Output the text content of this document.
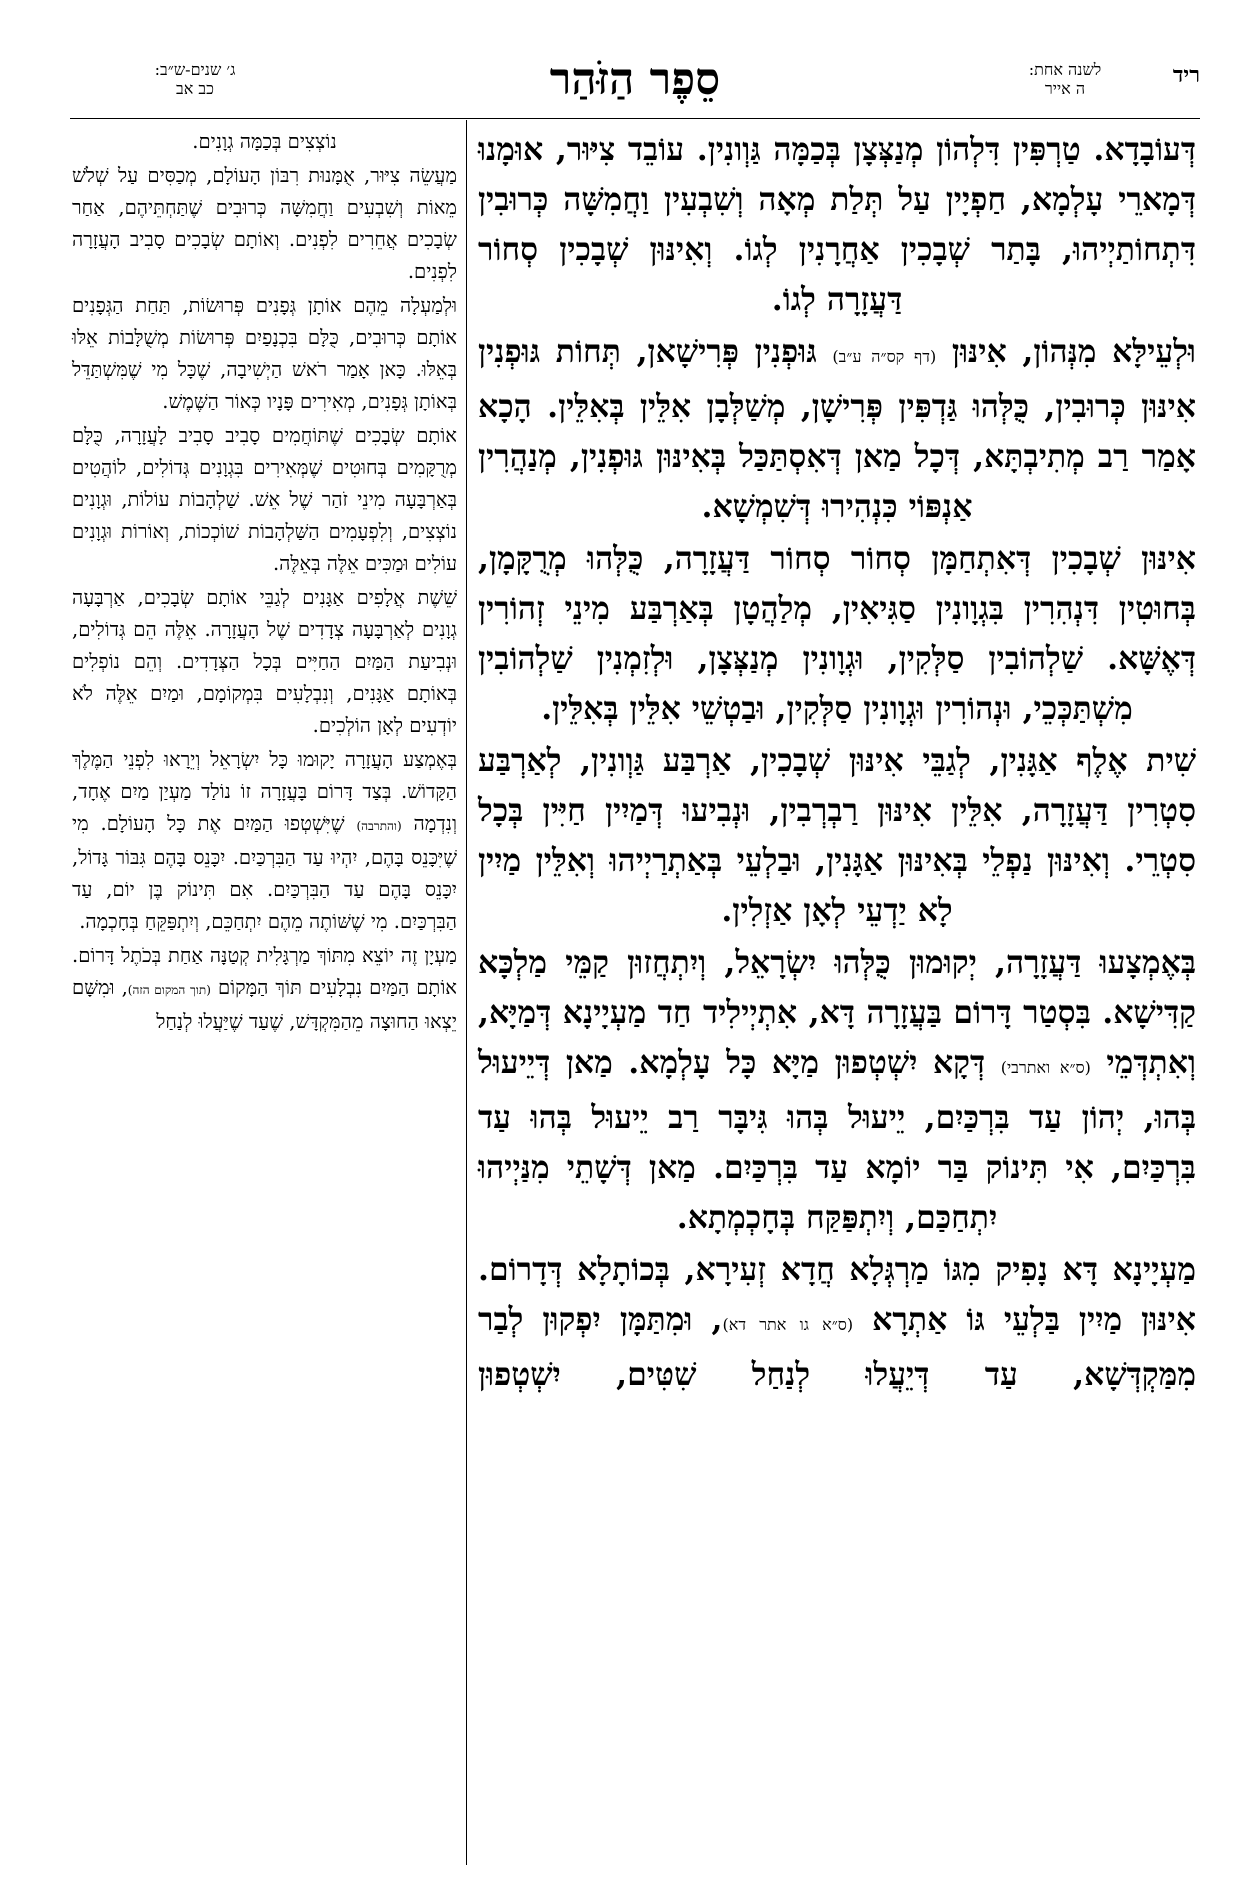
ג׳ שנים-ש״ב:
כב אב	סֵפֶר הַזֹּהַר	לשנה אחת:
ה אייר
ריד

דְּעוֹבָדָא. טַרְפִּין דִּלְהוֹן מְנַצְּצָן בְּכַמָּה גַּוְונִין. עוֹבֵד צִיּוּר, אוּמָנוּ דְּמָארֵי עָלְמָא, חַפְיָין עַל תְּלַת מְאָה וְשִׁבְעִין וַחֲמִשָּׁה כְּרוּבִין דִּתְחוֹתַיְיהוּ, בָּתַר שְׁבָכִין אַחֲרָנִין לְגוֹ. וְאִינּוּן שְׁבָכִין סְחוֹר דַּעֲזָרָה לְגוֹ.

וּלְעֵילָּא מִנְּהוֹן, אִינּוּן (דף קס״ה ע״ב) גּוּפְנִין פְּרִישָׁאן, תְּחוֹת גּוּפְנִין אִינּוּן כְּרוּבִין, כֻּלְּהוּ גַּדְפִּין פְּרִישָׁן, מְשַׁלְּבָן אִלֵּין בְּאִלֵּין. הָכָא אָמַר רַב מְתִיבְתָּא, דְּכָל מַאן דְּאִסְתַּכַּל בְּאִינּוּן גּוּפְנִין, מְנַהֲרִין אַנְפּוֹי כִּנְהִירוּ דְּשִׁמְשָׁא.

אִינּוּן שְׁבָכִין דְּאִתְחַמָּן סְחוֹר סְחוֹר דַּעֲזָרָה, כֻּלְּהוּ מְרֻקָּמָן, בְּחוּטִין דִּנְהִרִין בִּגְוָונִין סַגִּיאִין, מְלַהֲטָן בְּאַרְבַּע מִינֵי זְהוֹרִין דְּאֶשָּׁא. שַׁלְהוֹבִין סַלְּקִין, וּגְוָונִין מְנַצְּצָן, וּלְזִמְנִין שַׁלְהוֹבִין מִשְׁתַּכְּכֵי, וּנְהוֹרִין וּגְוָונִין סַלְּקִין, וּבַטְשֵׁי אִלֵּין בְּאִלֵּין.

שִׁית אֶלֶף אַגָּנִין, לְגַבֵּי אִינּוּן שְׁבָכִין, אַרְבַּע גַּוְונִין, לְאַרְבַּע סִטְרִין דַּעֲזָרָה, אִלֵּין אִינּוּן רַבְרְבִין, וּנְבִיעוּ דְּמַיִין חַיִּין בְּכָל סִטְרֵי. וְאִינּוּן נַפְלֵי בְּאִינּוּן אַגָּנִין, וּבַלְעֵי בְּאַתְרַיְיהוּ וְאִלֵּין מַיִין לָא יַדְעֵי לְאָן אַזְלִין.

בְּאֶמְצָעוּ דַּעֲזָרָה, יְקוּמוּן כֻּלְּהוּ יִשְׂרָאֵל, וְיִתְחֲזוּן קַמֵּי מַלְכָּא קַדִּישָׁא. בִּסְטַר דָּרוֹם בַּעֲזָרָה דָּא, אִתְיְילִיד חַד מַעְיָינָא דְּמַיָּא, וְאִתְדְּמֵי (ס״א ואתרבי) דְּקָא יִשְׁטְפוּן מַיָּא כָּל עָלְמָא. מַאן דְּיֵיעוּל בְּהוּ, יְהוֹן עַד בִּרְכַּיִם, יֵיעוּל בְּהוּ גִּיבָּר רַב יֵיעוּל בְּהוּ עַד בִּרְכַּיִם, אִי תִּינוֹק בַּר יוֹמָא עַד בִּרְכַּיִם. מַאן דְּשָׁתֵי מִנַּיְיהוּ יִתְחַכַּם, וְיִתְפַּקַּח בְּחָכְמְתָא.

מַעְיָינָא דָּא נָפִיק מִגּוֹ מַרְגְּלָא חֲדָא זְעִירָא, בְּכוֹתָלָא דְּדָרוֹם. אִינּוּן מַיִין בַּלְעֵי גּוֹ אַתְרָא (ס״א גו אתר דא), וּמִתַּמָּן יִפְקוּן לְבַר מִמַּקְדְּשָׁא, עַד דְּיֵעֲלוּ לְנַחַל שִׁטִּים, יִשְׁטְפוּן

נוֹצְצִים בְּכַמָּה גְוָנִים.

מַעֲשֵׂה צִיּוּר, אֻמָּנוּת רִבּוֹן הָעוֹלָם, מְכַסִּים עַל שְׁלֹשׁ מֵאוֹת וְשִׁבְעִים וַחֲמִשָּׁה כְּרוּבִים שֶׁתַּחְתֵּיהֶם, אַחַר שְׂבָכִים אֲחֵרִים לִפְנִים. וְאוֹתָם שְׂבָכִים סָבִיב הָעֲזָרָה לִפְנִים.

וּלְמַעְלָה מֵהֶם אוֹתָן גְּפָנִים פְּרוּשׂוֹת, תַּחַת הַגְּפָנִים אוֹתָם כְּרוּבִים, כֻּלָּם בִּכְנָפַיִם פְּרוּשׂוֹת מְשֻׁלָּבוֹת אֵלּוּ בְּאֵלּוּ. כָּאן אָמַר רֹאשׁ הַיְשִׁיבָה, שֶׁכָּל מִי שֶׁמִּשְׁתַּדֵּל בְּאוֹתָן גְּפָנִים, מְאִירִים פָּנָיו כְּאוֹר הַשֶּׁמֶשׁ.

אוֹתָם שְׂבָכִים שֶׁתּוֹחֲמִים סָבִיב סָבִיב לָעֲזָרָה, כֻּלָּם מְרֻקָּמִים בְּחוּטִים שֶׁמְּאִירִים בִּגְוָנִים גְּדוֹלִים, לוֹהֲטִים בְּאַרְבָּעָה מִינֵי זֹהַר שֶׁל אֵשׁ. שַׁלְהָבוֹת עוֹלוֹת, וּגְוָנִים נוֹצְצִים, וְלִפְעָמִים הַשַּׁלְהָבוֹת שׁוֹכְכוֹת, וְאוֹרוֹת וּגְוָנִים עוֹלִים וּמַכִּים אֵלֶּה בְּאֵלֶּה.

שֵׁשֶׁת אֲלָפִים אַגָּנִים לְגַבֵּי אוֹתָם שְׂבָכִים, אַרְבָּעָה גְוָנִים לְאַרְבָּעָה צְדָדִים שֶׁל הָעֲזָרָה. אֵלֶּה הֵם גְּדוֹלִים, וּנְבִיעַת הַמַּיִם הַחַיִּים בְּכָל הַצְּדָדִים. וְהֵם נוֹפְלִים בְּאוֹתָם אַגָּנִים, וְנִבְלָעִים בִּמְקוֹמָם, וּמַיִם אֵלֶּה לֹא יוֹדְעִים לְאָן הוֹלְכִים.

בְּאֶמְצַע הָעֲזָרָה יָקוּמוּ כָּל יִשְׂרָאֵל וְיֵרָאוּ לִפְנֵי הַמֶּלֶךְ הַקָּדוֹשׁ. בְּצַד דָּרוֹם בָּעֲזָרָה זוֹ נוֹלַד מַעְיַן מַיִם אֶחָד, וְנִדְמָה (והתרבה) שֶׁיִּשְׁטְפוּ הַמַּיִם אֶת כָּל הָעוֹלָם. מִי שֶׁיִּכָּנֵס בָּהֶם, יִהְיוּ עַד הַבִּרְכַּיִם. יִכָּנֵס בָּהֶם גִּבּוֹר גָּדוֹל, יִכָּנֵס בָּהֶם עַד הַבִּרְכַּיִם. אִם תִּינוֹק בֶּן יוֹם, עַד הַבִּרְכַּיִם. מִי שֶׁשּׁוֹתֶה מֵהֶם יִתְחַכֵּם, וְיִתְפַּקֵּחַ בְּחָכְמָה.

מַעְיָן זֶה יוֹצֵא מִתּוֹךְ מַרְגָּלִית קְטַנָּה אַחַת בְּכֹתֶל דָּרוֹם. אוֹתָם הַמַּיִם נִבְלָעִים תּוֹךְ הַמָּקוֹם (תוך המקום הזה), וּמִשָּׁם יֵצְאוּ הַחוּצָה מֵהַמִּקְדָּשׁ, שֶׁעַד שֶׁיַּעֲלוּ לְנַחַל
